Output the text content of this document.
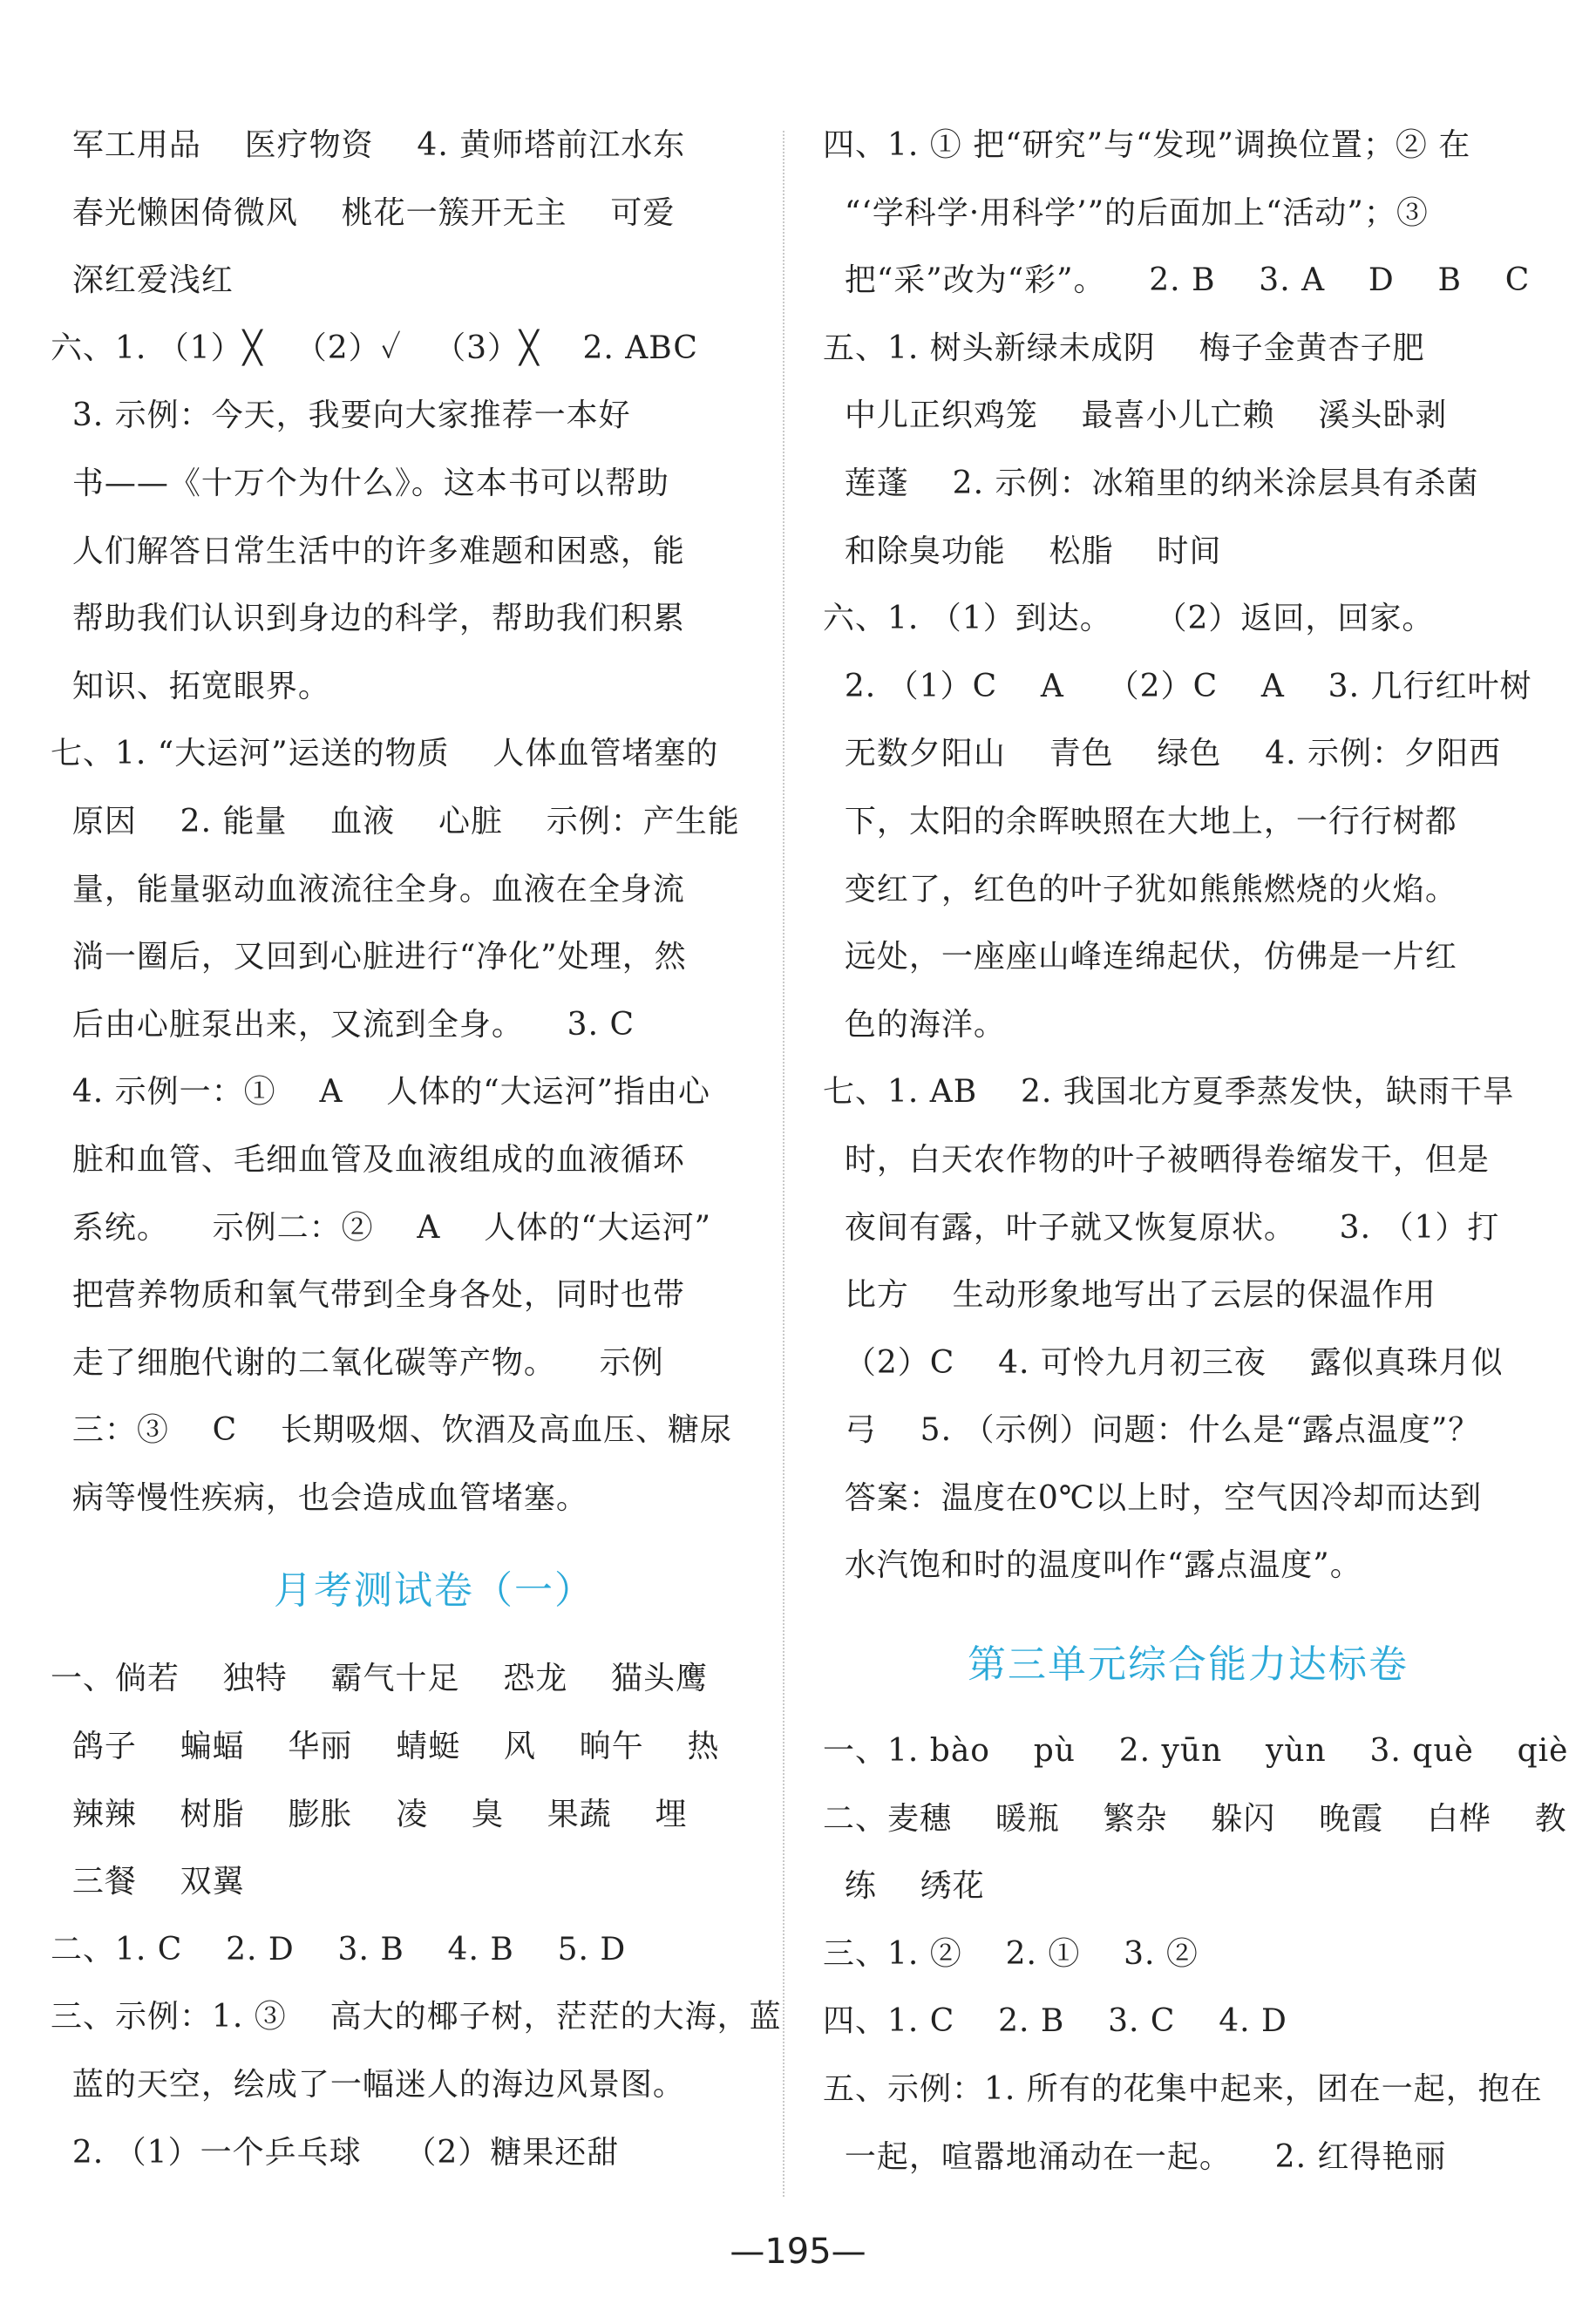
军工用品    医疗物资    4. 黄师塔前江水东
春光懒困倚微风    桃花一簇开无主    可爱
深红爱浅红
六、1. （1）╳   （2）✓   （3）╳    2. ABC
3. 示例：今天，我要向大家推荐一本好
书——《十万个为什么》。这本书可以帮助
人们解答日常生活中的许多难题和困惑，能
帮助我们认识到身边的科学，帮助我们积累
知识、拓宽眼界。
七、1. “大运河”运送的物质    人体血管堵塞的
原因    2. 能量    血液    心脏    示例：产生能
量，能量驱动血液流往全身。血液在全身流
淌一圈后，又回到心脏进行“净化”处理，然
后由心脏泵出来，又流到全身。    3. C
4. 示例一：①    A    人体的“大运河”指由心
脏和血管、毛细血管及血液组成的血液循环
系统。    示例二：②    A    人体的“大运河”
把营养物质和氧气带到全身各处，同时也带
走了细胞代谢的二氧化碳等产物。    示例
三：③    C    长期吸烟、饮酒及高血压、糖尿
病等慢性疾病，也会造成血管堵塞。
月考测试卷（一）
一、倘若    独特    霸气十足    恐龙    猫头鹰
鸽子    蝙蝠    华丽    蜻蜓    风    晌午    热
辣辣    树脂    膨胀    凌    臭    果蔬    埋
三餐    双翼
二、1. C    2. D    3. B    4. B    5. D
三、示例：1. ③    高大的椰子树，茫茫的大海，蓝
蓝的天空，绘成了一幅迷人的海边风景图。
2. （1）一个乒乓球    （2）糖果还甜
四、1. ① 把“研究”与“发现”调换位置；② 在
“‘学科学·用科学’”的后面加上“活动”；③
把“采”改为“彩”。    2. B    3. A    D    B    C
五、1. 树头新绿未成阴    梅子金黄杏子肥
中儿正织鸡笼    最喜小儿亡赖    溪头卧剥
莲蓬    2. 示例：冰箱里的纳米涂层具有杀菌
和除臭功能    松脂    时间
六、1. （1）到达。    （2）返回，回家。
2. （1）C    A    （2）C    A    3. 几行红叶树
无数夕阳山    青色    绿色    4. 示例：夕阳西
下，太阳的余晖映照在大地上，一行行树都
变红了，红色的叶子犹如熊熊燃烧的火焰。
远处，一座座山峰连绵起伏，仿佛是一片红
色的海洋。
七、1. AB    2. 我国北方夏季蒸发快，缺雨干旱
时，白天农作物的叶子被晒得卷缩发干，但是
夜间有露，叶子就又恢复原状。    3. （1）打
比方    生动形象地写出了云层的保温作用
（2）C    4. 可怜九月初三夜    露似真珠月似
弓    5. （示例）问题：什么是“露点温度”？
答案：温度在0℃以上时，空气因冷却而达到
水汽饱和时的温度叫作“露点温度”。
第三单元综合能力达标卷
一、1. bào    pù    2. yūn    yùn    3. què    qiè
二、麦穗    暖瓶    繁杂    躲闪    晚霞    白桦    教
练    绣花
三、1. ②    2. ①    3. ②
四、1. C    2. B    3. C    4. D
五、示例：1. 所有的花集中起来，团在一起，抱在
一起，喧嚣地涌动在一起。    2. 红得艳丽
—195—
